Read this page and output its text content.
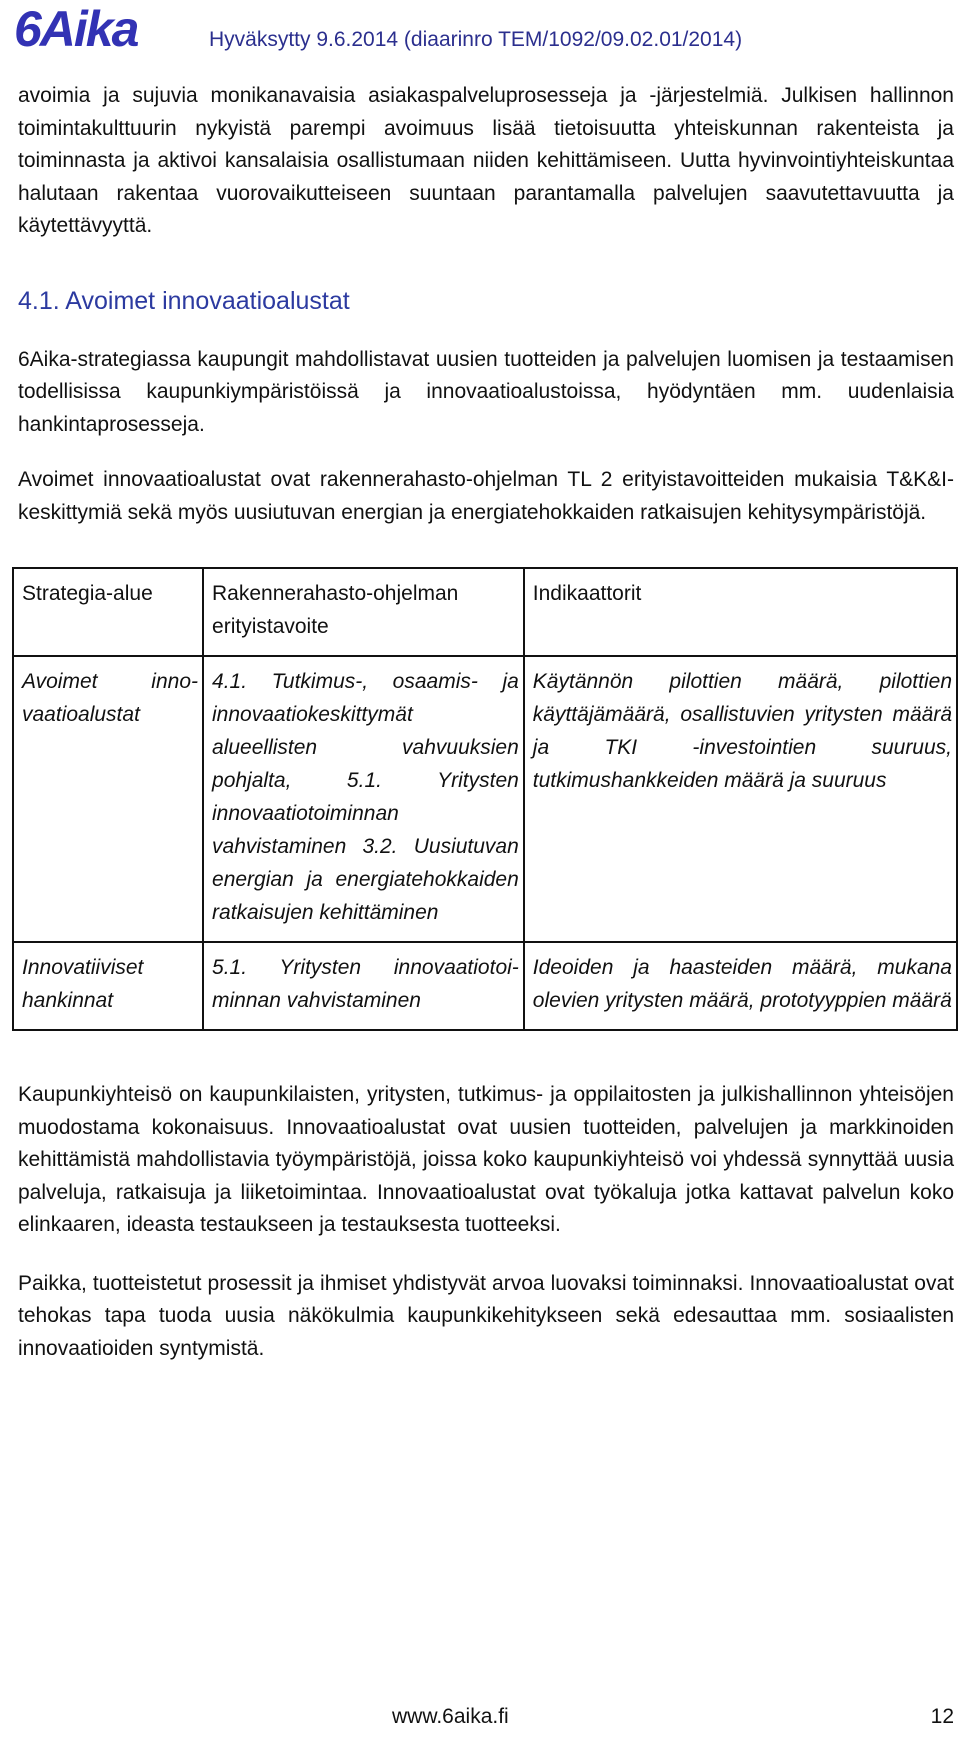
6Aika	Hyväksytty 9.6.2014 (diaarinro TEM/1092/09.02.01/2014)

avoimia ja sujuvia monikanavaisia asiakaspalveluprosesseja ja -järjestelmiä. Julkisen hallinnon toimintakulttuurin nykyistä parempi avoimuus lisää tietoisuutta yhteiskunnan rakenteista ja toiminnasta ja aktivoi kansalaisia osallistumaan niiden kehittämiseen. Uutta hyvinvointiyhteiskuntaa halutaan rakentaa vuorovaikutteiseen suuntaan parantamalla palvelujen saavutettavuutta ja käytettävyyttä.

4.1. Avoimet innovaatioalustat

6Aika-strategiassa kaupungit mahdollistavat uusien tuotteiden ja palvelujen luomisen ja testaamisen todellisissa kaupunkiympäristöissä ja innovaatioalustoissa, hyödyntäen mm. uudenlaisia hankintaprosesseja.

Avoimet innovaatioalustat ovat rakennerahasto-ohjelman TL 2 erityistavoitteiden mukaisia T&K&I-keskittymiä sekä myös uusiutuvan energian ja energiatehokkaiden ratkaisujen kehitysympäristöjä.

Strategia-alue	Rakennerahasto-ohjelman erityistavoite	Indikaattorit
Avoimet innovaatioalustat	4.1. Tutkimus-, osaamis- ja innovaatiokeskittymät alueellisten vahvuuksien pohjalta, 5.1. Yritysten innovaatiotoiminnan vahvistaminen 3.2. Uusiutuvan energian ja energiatehokkaiden ratkaisujen kehittäminen	Käytännön pilottien määrä, pilottien käyttäjämäärä, osallistuvien yritysten määrä ja TKI -investointien suuruus, tutkimushankkeiden määrä ja suuruus
Innovatiiviset hankinnat	5.1. Yritysten innovaatiotoiminnan vahvistaminen	Ideoiden ja haasteiden määrä, mukana olevien yritysten määrä, prototyyppien määrä

Kaupunkiyhteisö on kaupunkilaisten, yritysten, tutkimus- ja oppilaitosten ja julkishallinnon yhteisöjen muodostama kokonaisuus. Innovaatioalustat ovat uusien tuotteiden, palvelujen ja markkinoiden kehittämistä mahdollistavia työympäristöjä, joissa koko kaupunkiyhteisö voi yhdessä synnyttää uusia palveluja, ratkaisuja ja liiketoimintaa. Innovaatioalustat ovat työkaluja jotka kattavat palvelun koko elinkaaren, ideasta testaukseen ja testauksesta tuotteeksi.

Paikka, tuotteistetut prosessit ja ihmiset yhdistyvät arvoa luovaksi toiminnaksi. Innovaatioalustat ovat tehokas tapa tuoda uusia näkökulmia kaupunkikehitykseen sekä edesauttaa mm. sosiaalisten innovaatioiden syntymistä.

www.6aika.fi	12
